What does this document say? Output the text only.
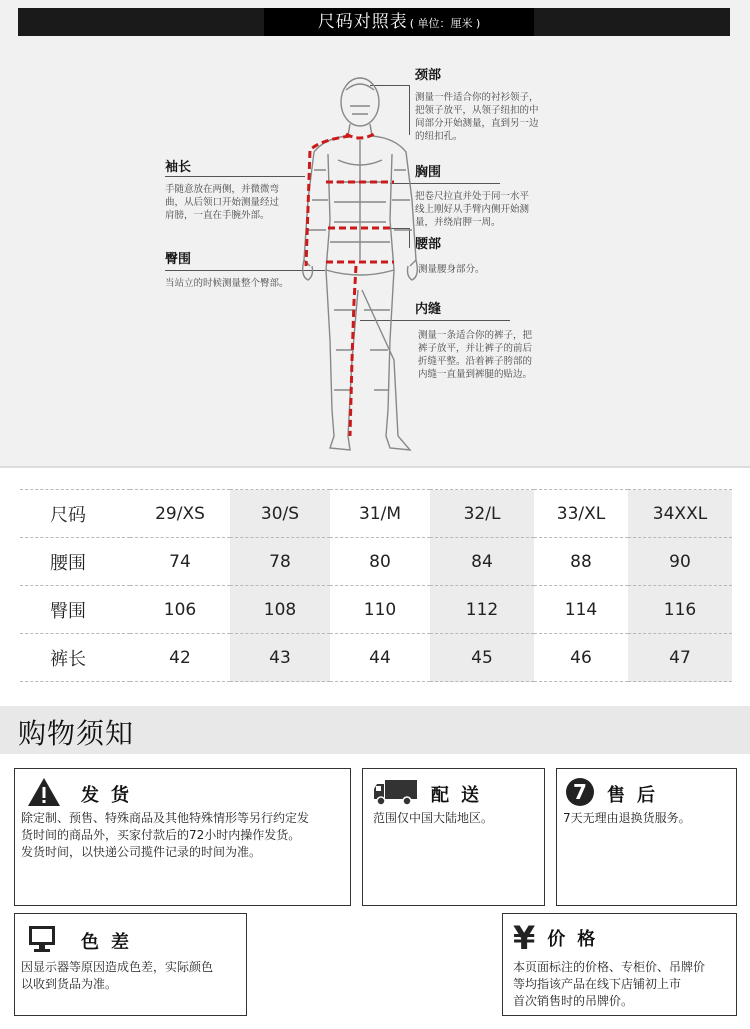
尺码对照表 ( 单位：厘米 )
颈部
测量一件适合你的衬衫领子，
把领子放平，从领子纽扣的中
间部分开始测量，直到另一边
的纽扣孔。
袖长
手随意放在两侧，并微微弯
曲，从后领口开始测量经过
肩膀，一直在手腕外部。
胸围
把卷尺拉直并处于同一水平
线上刚好从手臂内侧开始测
量，并绕肩胛一周。
臀围
当站立的时候测量整个臀部。
腰部
测量腰身部分。
内缝
测量一条适合你的裤子，把
裤子放平，并让裤子的前后
折缝平整。沿着裤子胯部的
内缝一直量到裤腿的贴边。
尺码	29/XS	30/S	31/M	32/L	33/XL	34XXL
腰围	74	78	80	84	88	90
臀围	106	108	110	112	114	116
裤长	42	43	44	45	46	47
购物须知
发货
除定制、预售、特殊商品及其他特殊情形等另行约定发
货时间的商品外，买家付款后的72小时内操作发货。
发货时间，以快递公司揽件记录的时间为准。
配送
范围仅中国大陆地区。
7 售后
7天无理由退换货服务。
色差
因显示器等原因造成色差，实际颜色
以收到货品为准。
¥ 价格
本页面标注的价格、专柜价、吊牌价
等均指该产品在线下店铺初上市
首次销售时的吊牌价。
